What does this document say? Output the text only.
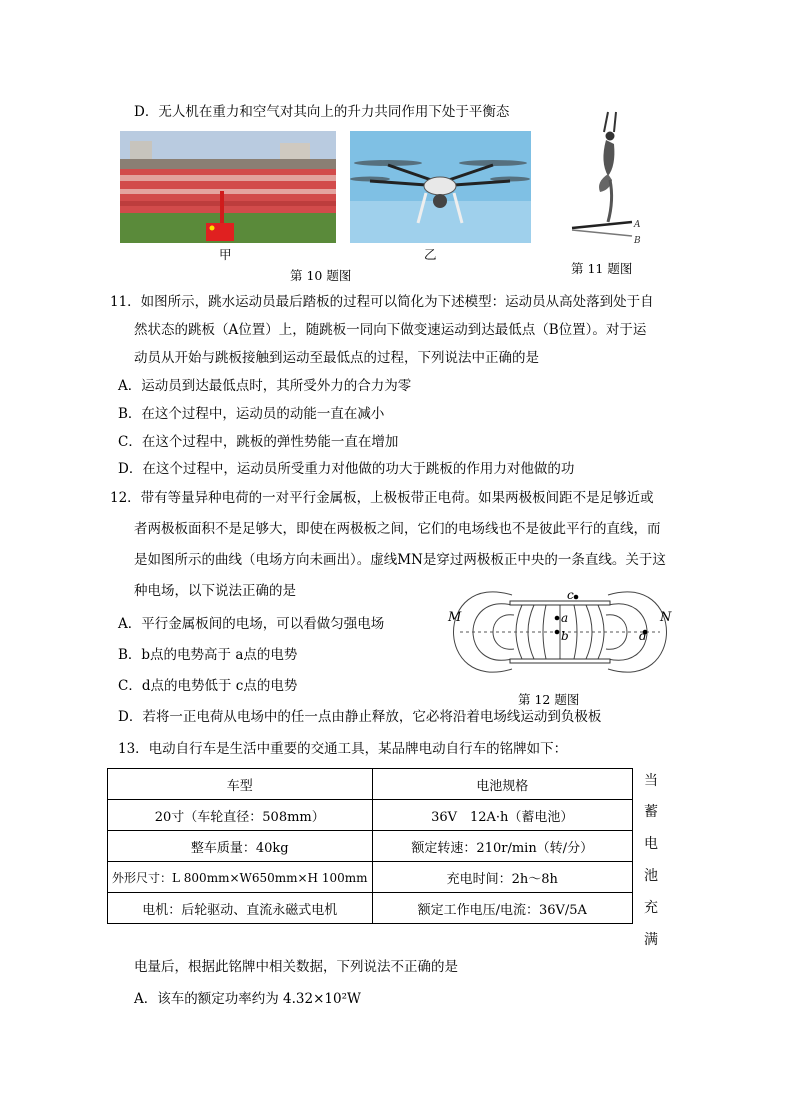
D．无人机在重力和空气对其向上的升力共同作用下处于平衡态
甲	乙
第 10 题图
A
B
第 11 题图
11．如图所示，跳水运动员最后踏板的过程可以简化为下述模型：运动员从高处落到处于自
然状态的跳板（A位置）上，随跳板一同向下做变速运动到达最低点（B位置）。对于运
动员从开始与跳板接触到运动至最低点的过程，下列说法中正确的是
A．运动员到达最低点时，其所受外力的合力为零
B．在这个过程中，运动员的动能一直在减小
C．在这个过程中，跳板的弹性势能一直在增加
D．在这个过程中，运动员所受重力对他做的功大于跳板的作用力对他做的功
12．带有等量异种电荷的一对平行金属板，上极板带正电荷。如果两极板间距不是足够近或
者两极板面积不是足够大，即使在两极板之间，它们的电场线也不是彼此平行的直线，而
是如图所示的曲线（电场方向未画出）。虚线MN是穿过两极板正中央的一条直线。关于这
种电场，以下说法正确的是
A．平行金属板间的电场，可以看做匀强电场
B．b点的电势高于 a点的电势
C．d点的电势低于 c点的电势
D．若将一正电荷从电场中的任一点由静止释放，它必将沿着电场线运动到负极板
M	N
c
a
b	d
第 12 题图
13．电动自行车是生活中重要的交通工具，某品牌电动自行车的铭牌如下：
车型	电池规格
20寸（车轮直径：508mm）	36V　12A·h（蓄电池）
整车质量：40kg	额定转速：210r/min（转/分）
外形尺寸：L 800mm×W650mm×H 100mm	充电时间：2h～8h
电机：后轮驱动、直流永磁式电机	额定工作电压/电流：36V/5A
当
蓄
电
池
充
满
电量后，根据此铭牌中相关数据，下列说法不正确的是
A．该车的额定功率约为 4.32×10²W
